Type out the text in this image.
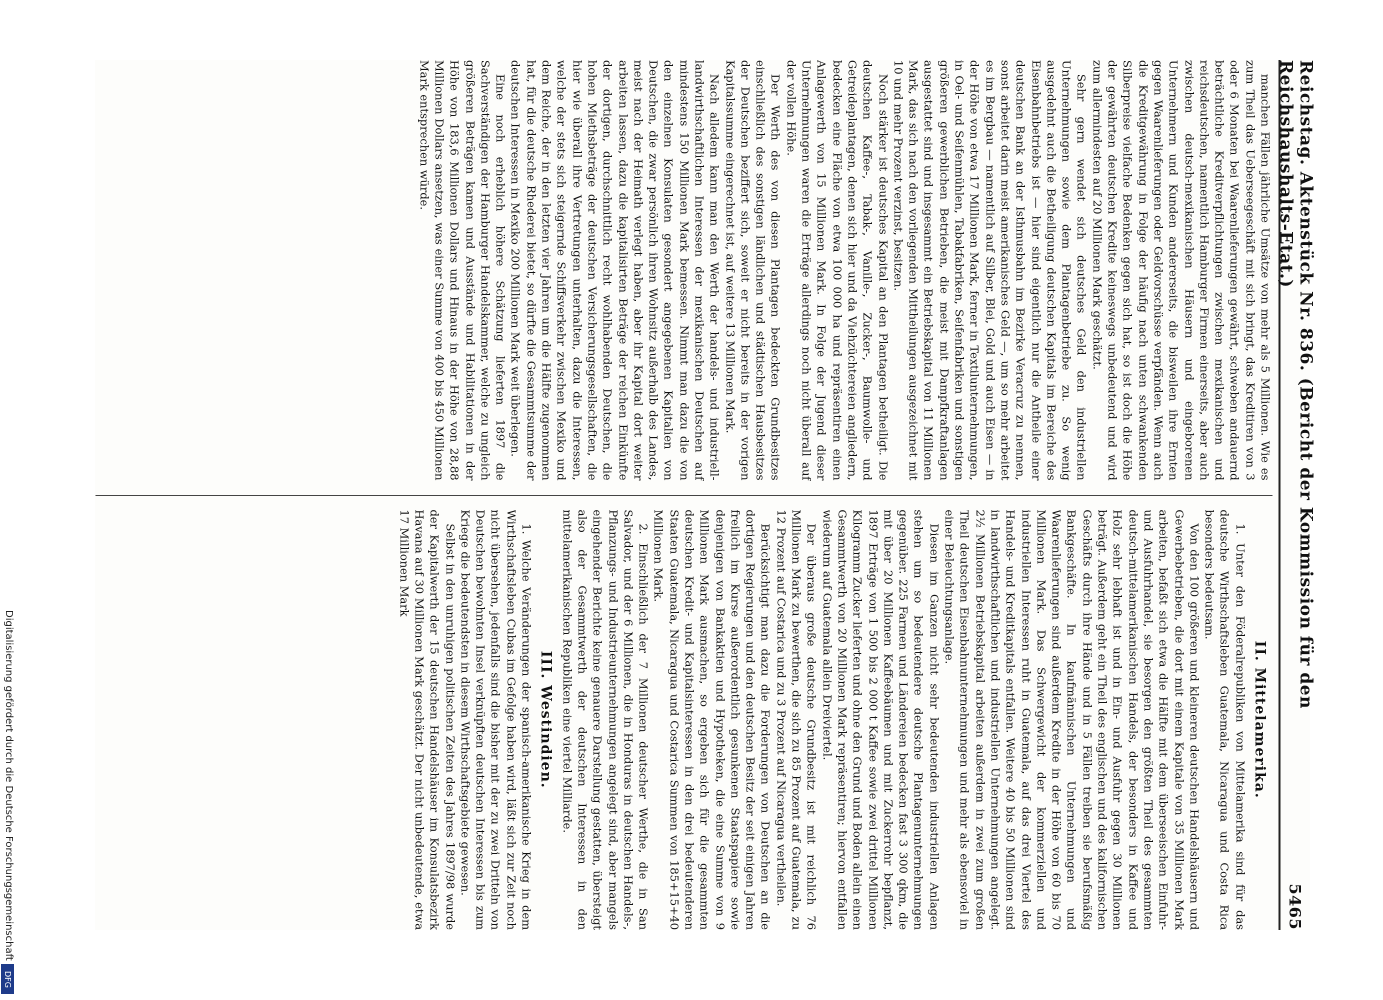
Reichstag. Aktenstück Nr. 836. (Bericht der Kommission für den Reichshaushalts-Etat.)
5465

manchen Fällen jährliche Umsätze von mehr als 5 Millionen. Wie es zum Theil das Ueberseegeschäft mit sich bringt, das Kreditiren von 3 oder 6 Monaten bei Waarenlieferungen gewährt, schweben andauernd beträchtliche Kreditverpflichtungen zwischen mexikanischen und reichsdeutschen, namentlich Hamburger Firmen einerseits, aber auch zwischen deutsch-mexikanischen Häusern und eingeborenen Unternehmern und Kunden andererseits, die bisweilen ihre Ernten gegen Waarenlieferungen oder Geldvorschüsse verpfänden. Wenn auch die Kreditgewährung in Folge der häufig nach unten schwankenden Silberpreise vielfache Bedenken gegen sich hat, so ist doch die Höhe der gewährten deutschen Kredite keineswegs unbedeutend und wird zum allermindesten auf 20 Millionen Mark geschätzt.

Sehr gern wendet sich deutsches Geld den industriellen Unternehmungen sowie dem Plantagenbetriebe zu. So wenig ausgedehnt auch die Betheiligung deutschen Kapitals im Bereiche des Eisenbahnbetriebs ist — hier sind eigentlich nur die Antheile einer deutschen Bank an der Isthmusbahn im Bezirke Veracruz zu nennen, sonst arbeitet darin meist amerikanisches Geld —, um so mehr arbeitet es im Bergbau — namentlich auf Silber, Blei, Gold und auch Eisen — in der Höhe von etwa 17 Millionen Mark, ferner in Textilunternehmungen, in Oel- und Seifenmühlen, Tabakfabriken, Seifenfabriken und sonstigen größeren gewerblichen Betrieben, die meist mit Dampfkraftanlagen ausgestattet sind und insgesammt ein Betriebskapital von 11 Millionen Mark, das sich nach den vorliegenden Mittheilungen ausgezeichnet mit 10 und mehr Prozent verzinst, besitzen.

Noch stärker ist deutsches Kapital an den Plantagen betheiligt. Die deutschen Kaffee-, Tabak-, Vanille-, Zucker-, Baumwolle- und Getreideplantagen, denen sich hier und da Viehzüchtereien angliedern, bedecken eine Fläche von etwa 100 000 ha und repräsentiren einen Anlagewerth von 15 Millionen Mark. In Folge der Jugend dieser Unternehmungen waren die Erträge allerdings noch nicht überall auf der vollen Höhe.

Der Werth des von diesen Plantagen bedeckten Grundbesitzes einschließlich des sonstigen ländlichen und städtischen Hausbesitzes der Deutschen beziffert sich, soweit er nicht bereits in der vorigen Kapitalssumme eingerechnet ist, auf weitere 13 Millionen Mark.

Nach alledem kann man den Werth der handels- und industriell-landwirthschaftlichen Interessen der mexikanischen Deutschen auf mindestens 150 Millionen Mark bemessen. Nimmt man dazu die von den einzelnen Konsulaten gesondert angegebenen Kapitalien von Deutschen, die zwar persönlich ihren Wohnsitz außerhalb des Landes, meist nach der Heimath verlegt haben, aber ihr Kapital dort weiter arbeiten lassen, dazu die kapitalisirten Beträge der reichen Einkünfte der dortigen, durchschnittlich recht wohlhabenden Deutschen, die hohen Miethsbeträge der deutschen Versicherungsgesellschaften, die hier wie überall ihre Vertretungen unterhalten, dazu die Interessen, welche der stets sich steigernde Schiffsverkehr zwischen Mexiko und dem Reiche, der in den letzten vier Jahren um die Hälfte zugenommen hat, für die deutsche Rhederei bietet, so dürfte die Gesammtsumme der deutschen Interessen in Mexiko 200 Millionen Mark weit überlegen.

Eine noch erheblich höhere Schätzung lieferten 1897 die Sachverständigen der Hamburger Handelskammer, welche zu ungleich größeren Beträgen kamen und Ausstände und Habilitationen in der Höhe von 183,6 Millionen Dollars und Hinaus in der Höhe von 28,88 Millionen Dollars ansetzen, was einer Summe von 400 bis 450 Millionen Mark entsprechen würde.

II. Mittelamerika.

1. Unter den Föderalrepubliken von Mittelamerika sind für das deutsche Wirthschaftsleben Guatemala, Nicaragua und Costa Rica besonders bedeutsam.

Von den 100 größeren und kleineren deutschen Handelshäusern und Gewerbebetrieben, die dort mit einem Kapitale von 35 Millionen Mark arbeiten, befaßt sich etwa die Hälfte mit dem überseeischen Einfuhr- und Ausfuhrhandel, sie besorgen den größten Theil des gesammten deutsch-mittelamerikanischen Handels, der besonders in Kaffee und Holz sehr lebhaft ist und in Ein- und Ausfuhr gegen 30 Millionen beträgt. Außerdem geht ein Theil des englischen und des kalifornischen Geschäfts durch ihre Hände und in 5 Fällen treiben sie berufsmäßig Bankgeschäfte. In kaufmännischen Unternehmungen und Waarenlieferungen sind außerdem Kredite in der Höhe von 60 bis 70 Millionen Mark. Das Schwergewicht der kommerziellen und industriellen Interessen ruht in Guatemala, auf das drei Viertel des Handels- und Kreditkapitals entfallen. Weitere 40 bis 50 Millionen sind in landwirthschaftlichen und industriellen Unternehmungen angelegt. 2½ Millionen Betriebskapital arbeiten außerdem in zwei zum großen Theil deutschen Eisenbahnunternehmungen und mehr als ebensoviel in einer Beleuchtungsanlage.

Diesen im Ganzen nicht sehr bedeutenden industriellen Anlagen stehen um so bedeutendere deutsche Plantagenunternehmungen gegenüber. 225 Farmen und Ländereien bedecken fast 3 300 qkm, die mit über 20 Millionen Kaffeebäumen und mit Zuckerrohr bepflanzt, 1897 Erträge von 1 500 bis 2 000 t Kaffee sowie zwei drittel Millionen Kilogramm Zucker lieferten und ohne den Grund und Boden allein einen Gesammtwerth von 20 Millionen Mark repräsentiren; hiervon entfallen wiederum auf Guatemala allein Dreiviertel.

Der überaus große deutsche Grundbesitz ist mit reichlich 76 Millionen Mark zu bewerthen, die sich zu 85 Prozent auf Guatemala, zu 12 Prozent auf Costarica und zu 3 Prozent auf Nicaragua vertheilen.

Berücksichtigt man dazu die Forderungen von Deutschen an die dortigen Regierungen und den deutschen Besitz der seit einigen Jahren freilich im Kurse außerordentlich gesunkenen Staatspapiere sowie denjenigen von Bankaktien und Hypotheken, die eine Summe von 9 Millionen Mark ausmachen, so ergeben sich für die gesammten deutschen Kredit- und Kapitalsinteressen in den drei bedeutenderen Staaten Guatemala, Nicaragua und Costarica Summen von 185+15+40 Millionen Mark.

2. Einschließlich der 7 Millionen deutscher Werthe, die in San Salvador, und der 6 Millionen, die in Honduras in deutschen Handels-, Pflanzungs- und Industrieunternehmungen angelegt sind, aber mangels eingehender Berichte keine genauere Darstellung gestatten, übersteigt also der Gesammtwerth der deutschen Interessen in den mittelamerikanischen Republiken eine viertel Milliarde.

III. Westindien.

1. Welche Veränderungen der spanisch-amerikanische Krieg in dem Wirthschaftsleben Cubas im Gefolge haben wird, läßt sich zur Zeit noch nicht übersehen, jedenfalls sind die bisher mit der zu zwei Dritteln von Deutschen bewohnten Insel verknüpften deutschen Interessen bis zum Kriege die bedeutendsten in diesem Wirthschaftsgebiete gewesen.

Selbst in den unruhigen politischen Zeiten des Jahres 1897/98 wurde der Kapitalwerth der 15 deutschen Handelshäuser im Konsulatsbezirk Havana auf 30 Millionen Mark geschätzt. Der nicht unbedeutende, etwa 17 Millionen Mark

Digitalisierung gefördert durch die Deutsche Forschungsgemeinschaft
DFG
